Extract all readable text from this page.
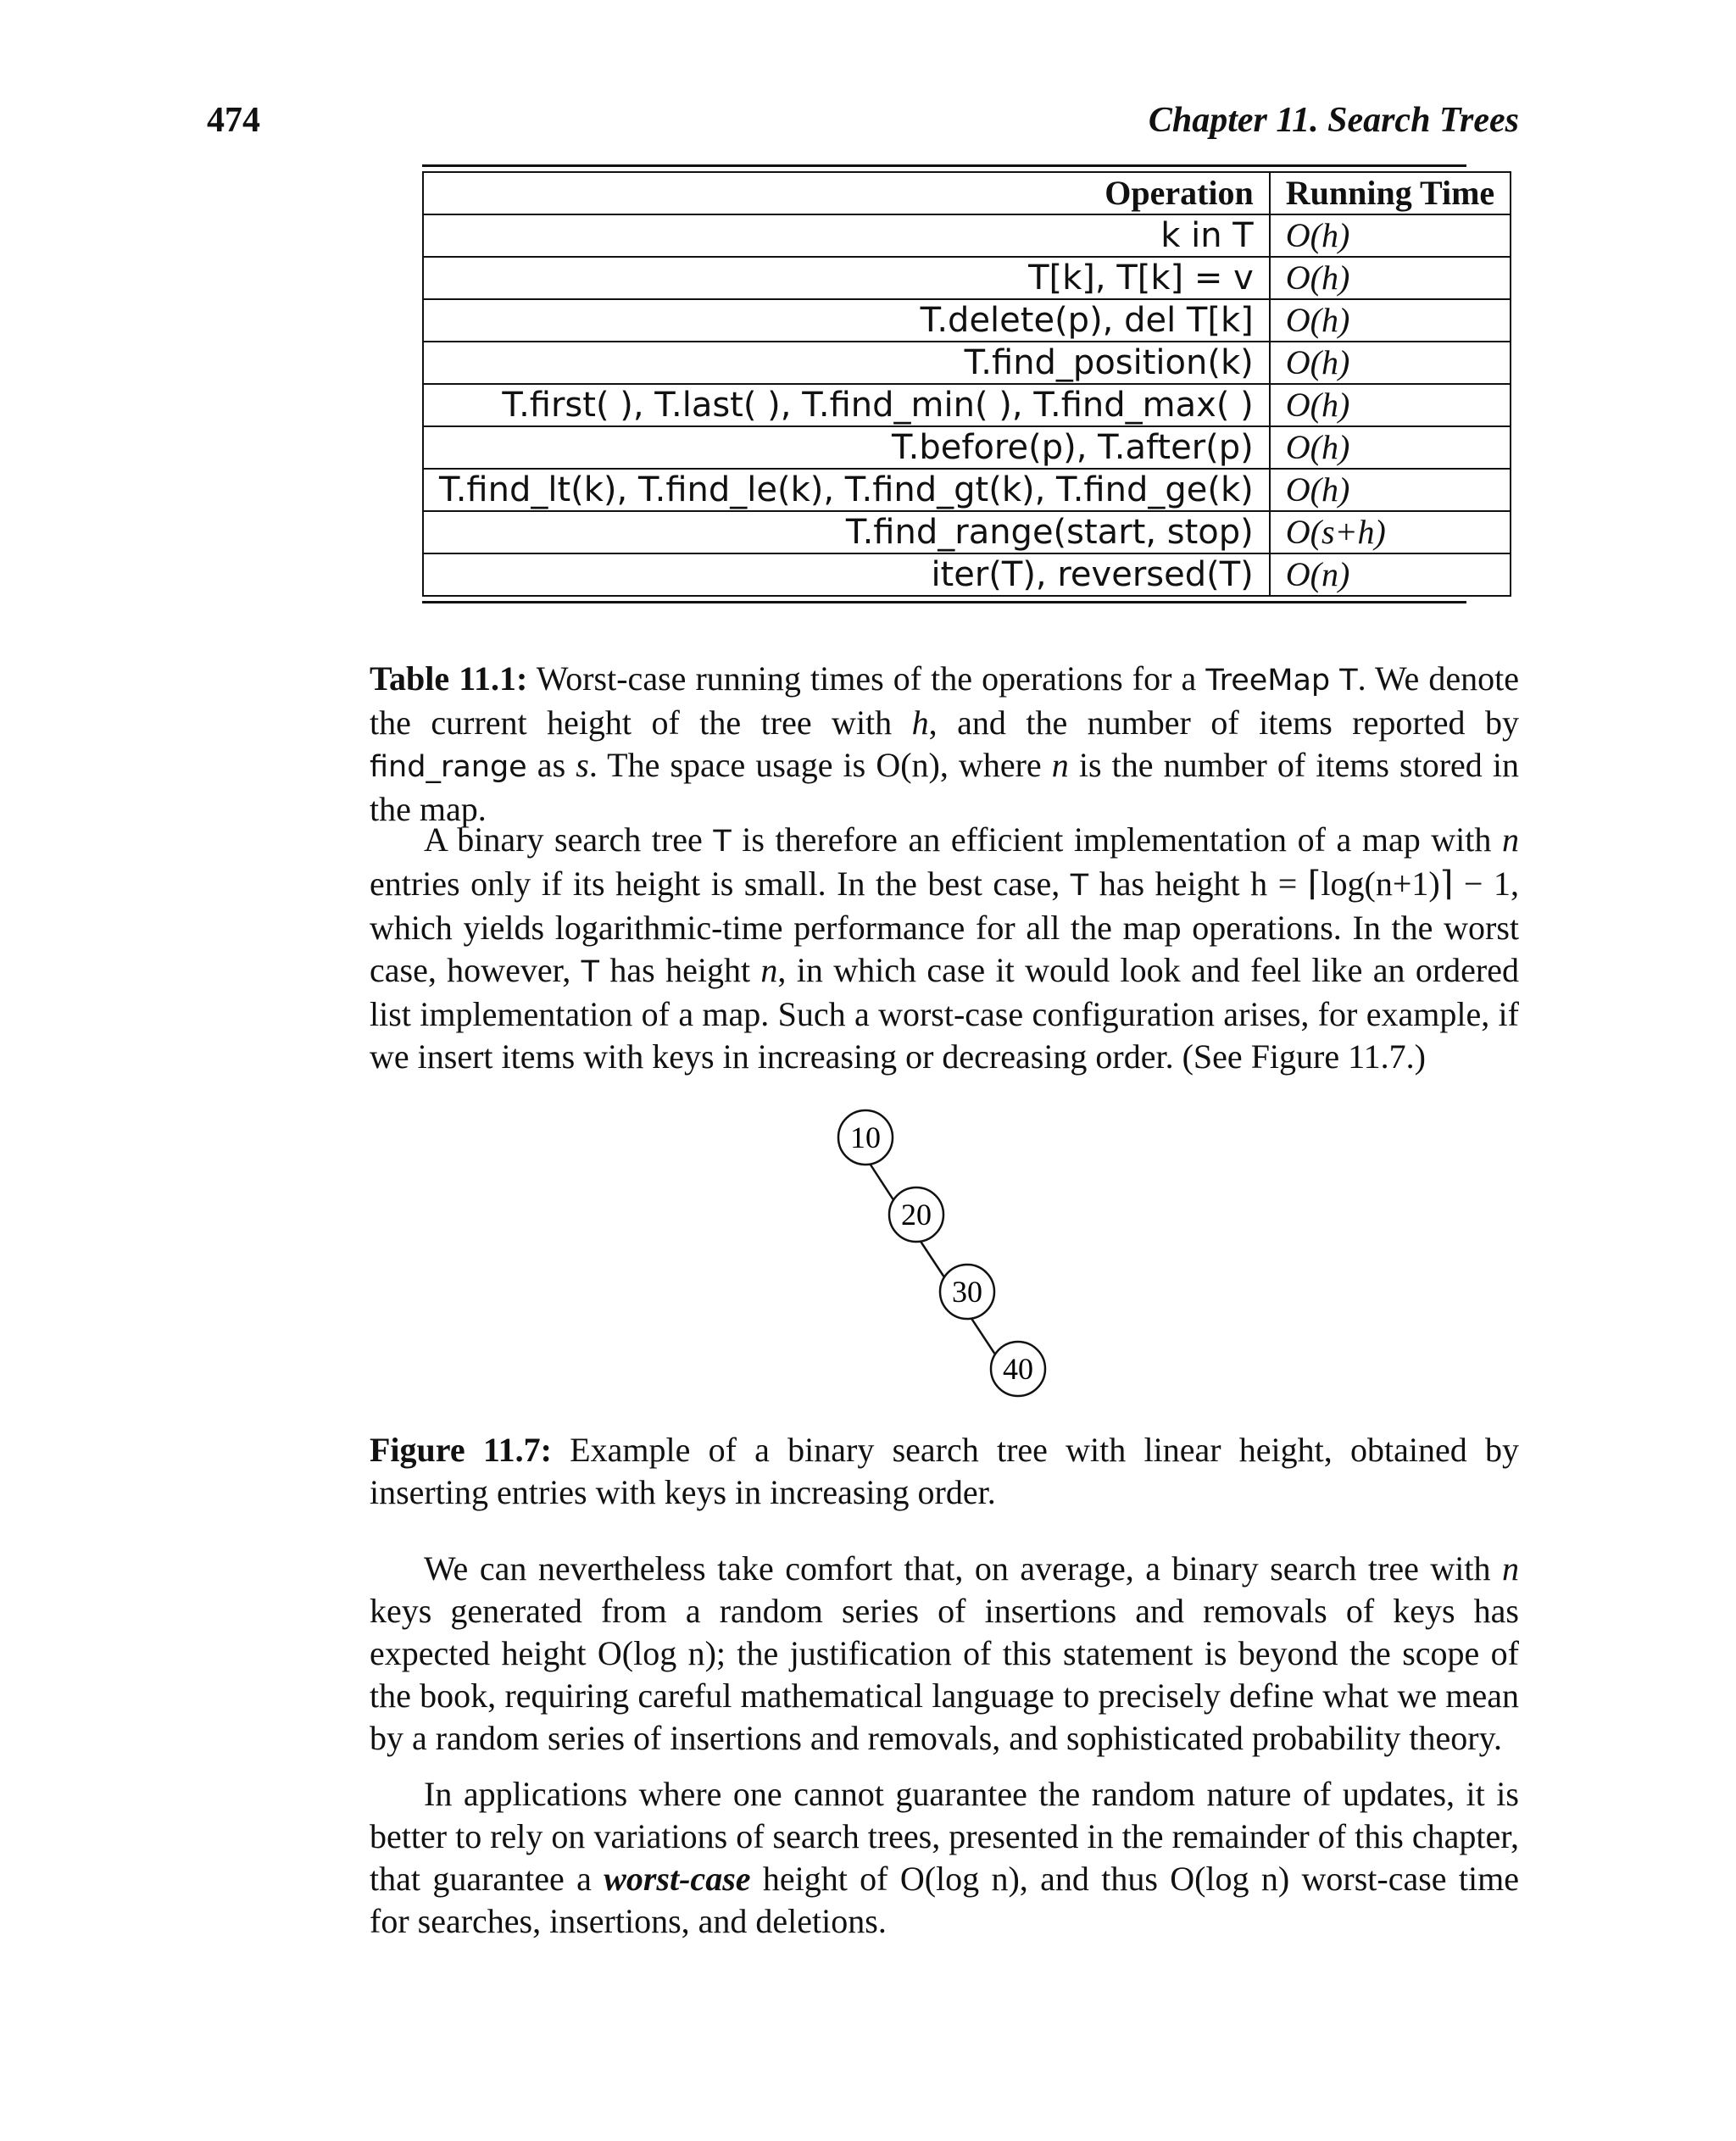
474	Chapter 11. Search Trees
Operation	Running Time
k in T	O(h)
T[k], T[k] = v	O(h)
T.delete(p), del T[k]	O(h)
T.find_position(k)	O(h)
T.first( ), T.last( ), T.find_min( ), T.find_max( )	O(h)
T.before(p), T.after(p)	O(h)
T.find_lt(k), T.find_le(k), T.find_gt(k), T.find_ge(k)	O(h)
T.find_range(start, stop)	O(s+h)
iter(T), reversed(T)	O(n)
Table 11.1: Worst-case running times of the operations for a TreeMap T. We denote the current height of the tree with h, and the number of items reported by find_range as s. The space usage is O(n), where n is the number of items stored in the map.
A binary search tree T is therefore an efficient implementation of a map with n entries only if its height is small. In the best case, T has height h = ⌈log(n+1)⌉ − 1, which yields logarithmic-time performance for all the map operations. In the worst case, however, T has height n, in which case it would look and feel like an ordered list implementation of a map. Such a worst-case configuration arises, for example, if we insert items with keys in increasing or decreasing order. (See Figure 11.7.)
10
20
30
40
Figure 11.7: Example of a binary search tree with linear height, obtained by inserting entries with keys in increasing order.
We can nevertheless take comfort that, on average, a binary search tree with n keys generated from a random series of insertions and removals of keys has expected height O(log n); the justification of this statement is beyond the scope of the book, requiring careful mathematical language to precisely define what we mean by a random series of insertions and removals, and sophisticated probability theory.
In applications where one cannot guarantee the random nature of updates, it is better to rely on variations of search trees, presented in the remainder of this chapter, that guarantee a worst-case height of O(log n), and thus O(log n) worst-case time for searches, insertions, and deletions.
